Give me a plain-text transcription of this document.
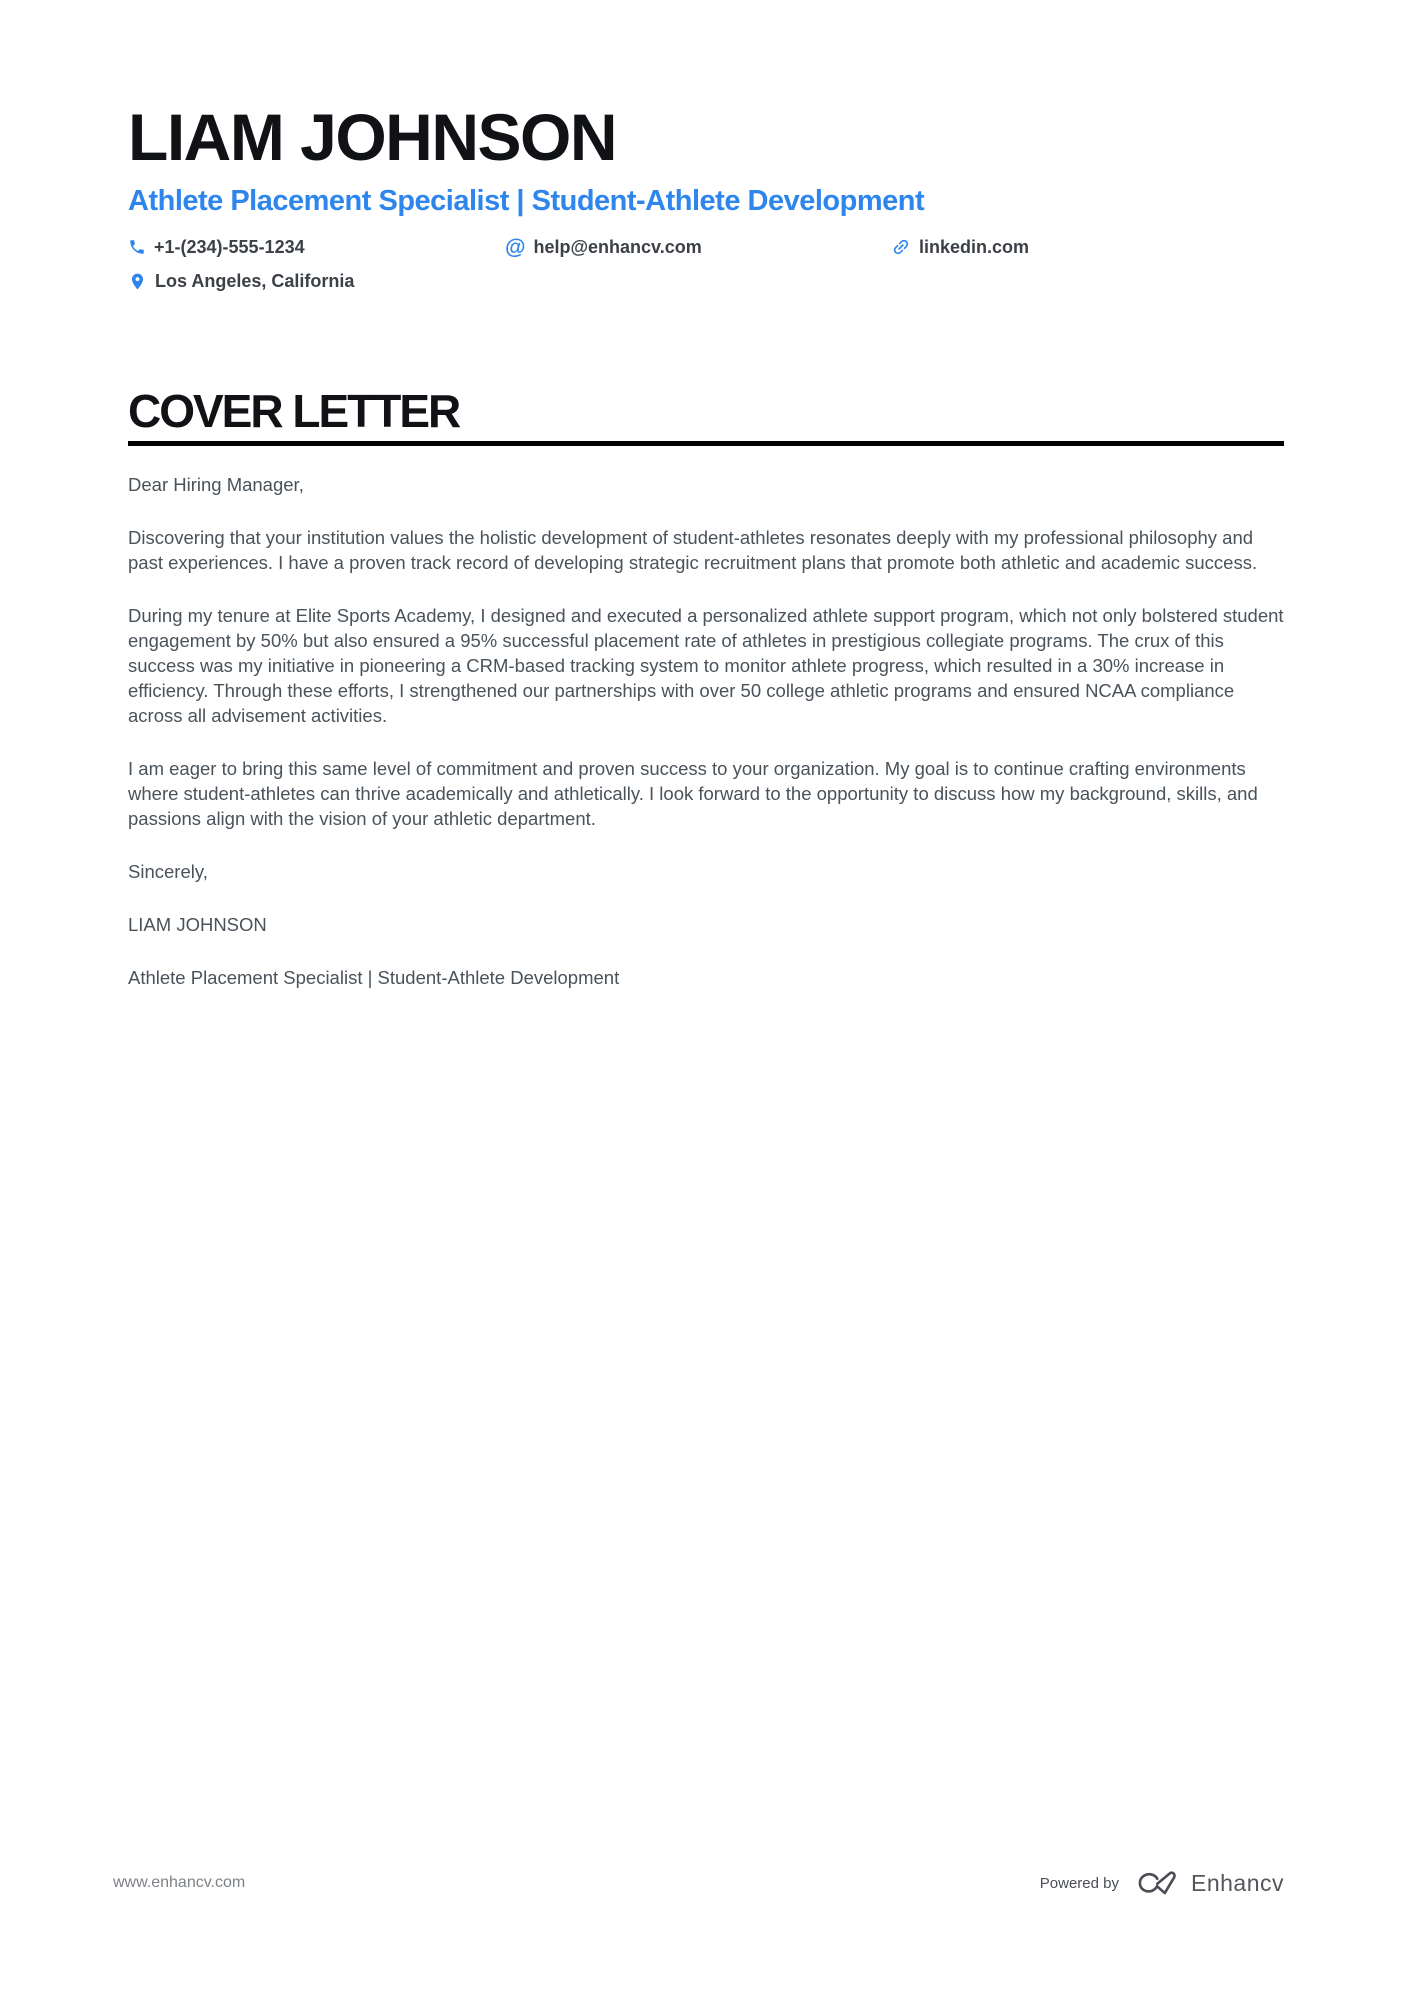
LIAM JOHNSON
Athlete Placement Specialist | Student-Athlete Development
+1-(234)-555-1234	@ help@enhancv.com	linkedin.com
Los Angeles, California
COVER LETTER

Dear Hiring Manager,

Discovering that your institution values the holistic development of student-athletes resonates deeply with my professional philosophy and past experiences. I have a proven track record of developing strategic recruitment plans that promote both athletic and academic success.

During my tenure at Elite Sports Academy, I designed and executed a personalized athlete support program, which not only bolstered student engagement by 50% but also ensured a 95% successful placement rate of athletes in prestigious collegiate programs. The crux of this success was my initiative in pioneering a CRM-based tracking system to monitor athlete progress, which resulted in a 30% increase in efficiency. Through these efforts, I strengthened our partnerships with over 50 college athletic programs and ensured NCAA compliance across all advisement activities.

I am eager to bring this same level of commitment and proven success to your organization. My goal is to continue crafting environments where student-athletes can thrive academically and athletically. I look forward to the opportunity to discuss how my background, skills, and passions align with the vision of your athletic department.

Sincerely,

LIAM JOHNSON

Athlete Placement Specialist | Student-Athlete Development

www.enhancv.com	Powered by	Enhancv
